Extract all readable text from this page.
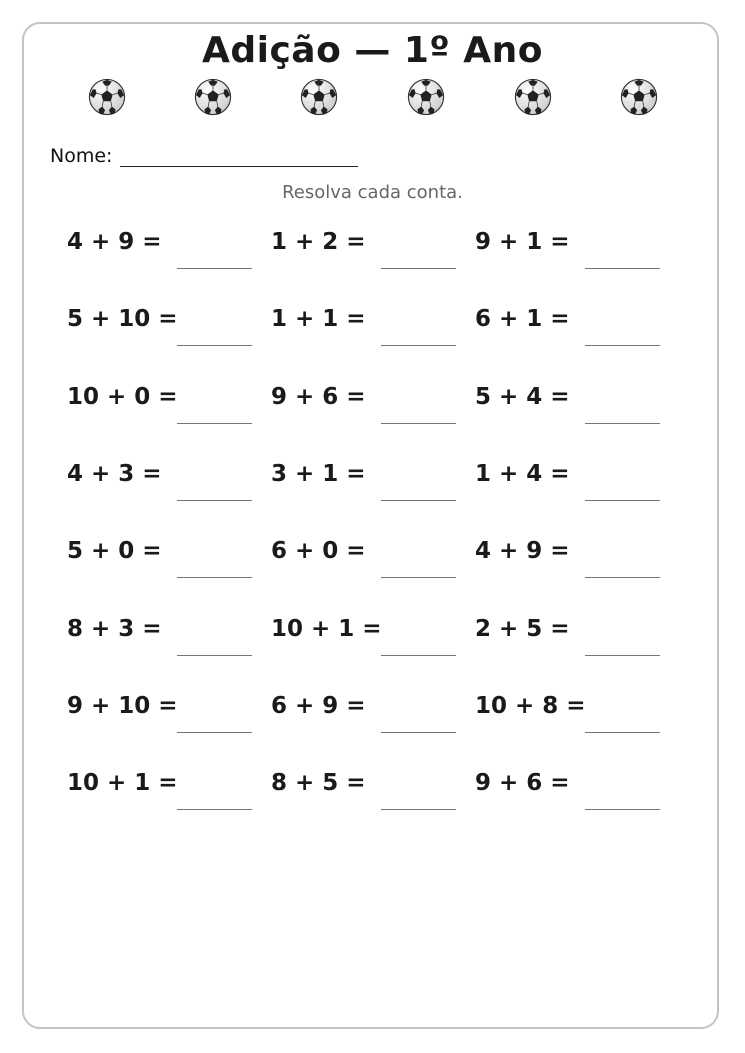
Adição — 1º Ano
Nome:
Resolva cada conta.
4 + 9 =	1 + 2 =	9 + 1 =
5 + 10 =	1 + 1 =	6 + 1 =
10 + 0 =	9 + 6 =	5 + 4 =
4 + 3 =	3 + 1 =	1 + 4 =
5 + 0 =	6 + 0 =	4 + 9 =
8 + 3 =	10 + 1 =	2 + 5 =
9 + 10 =	6 + 9 =	10 + 8 =
10 + 1 =	8 + 5 =	9 + 6 =
